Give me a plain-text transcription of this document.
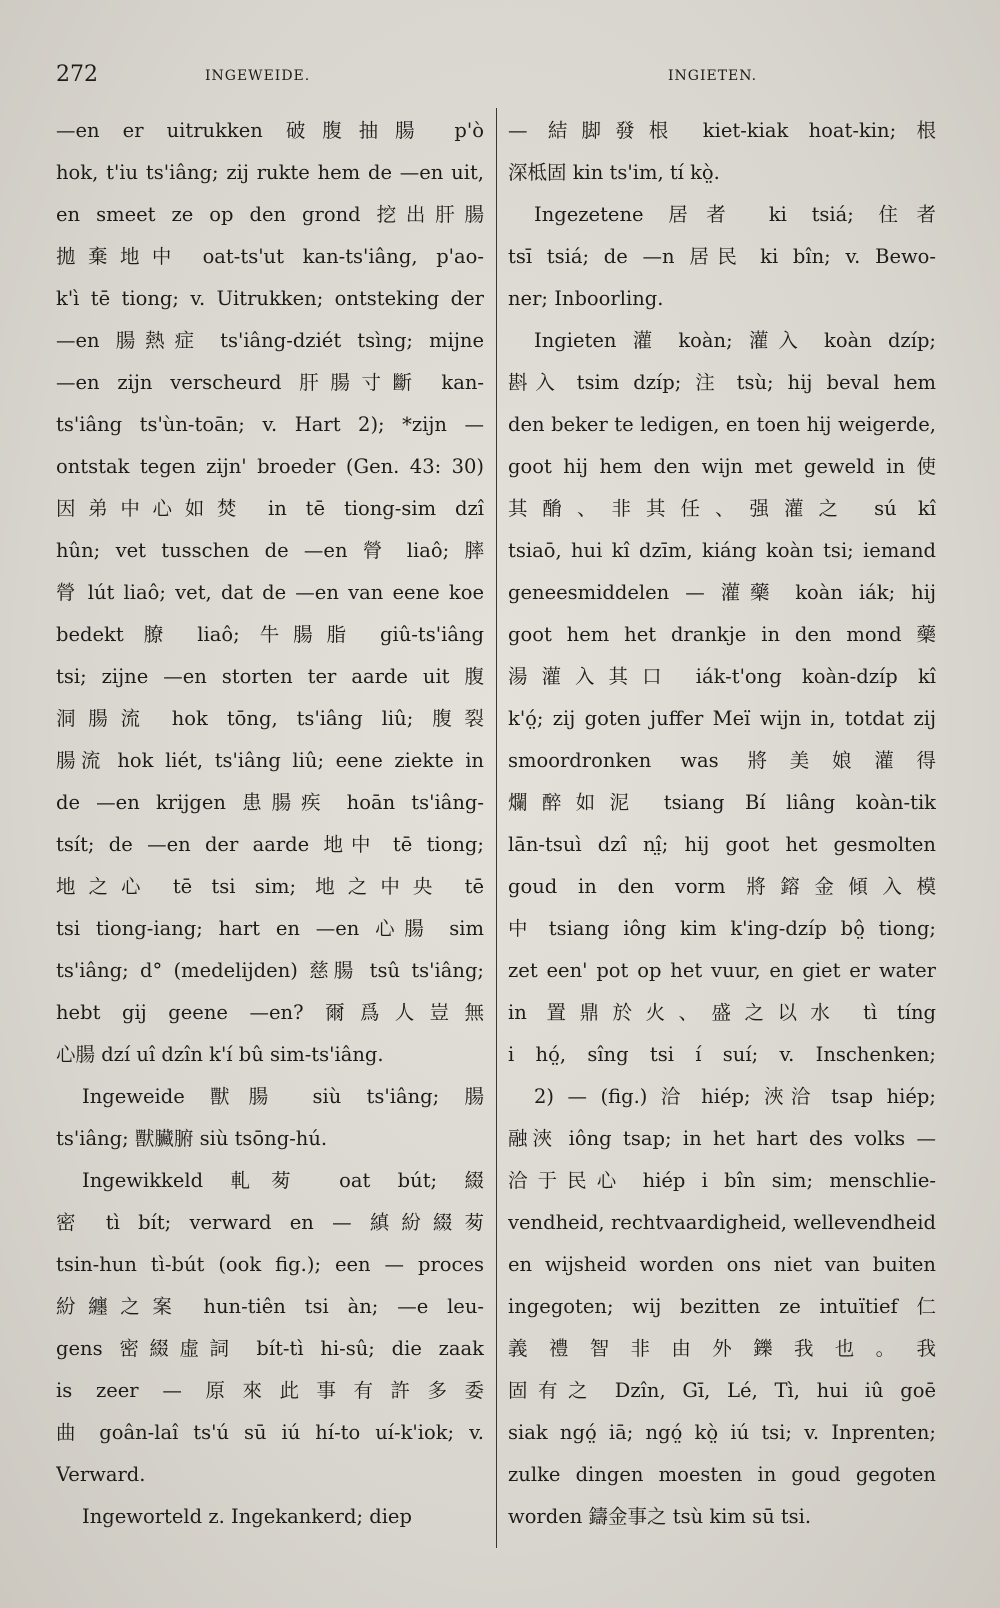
272	INGEWEIDE.	INGIETEN.
—en er uitrukken 破腹抽腸 p'ò
hok, t'iu ts'iâng; zij rukte hem de —en uit,
en smeet ze op den grond 挖出肝腸
拋棄地中 oat-ts'ut kan-ts'iâng, p'ao-
k'ì tē tiong; v. Uitrukken; ontsteking der
—en 腸熱症 ts'iâng-dziét tsìng; mijne
—en zijn verscheurd 肝腸寸斷 kan-
ts'iâng ts'ùn-toān; v. Hart 2); *zijn —
ontstak tegen zijn' broeder (Gen. 43: 30)
因弟中心如焚 in tē tiong-sim dzî
hûn; vet tusschen de —en 膋 liaô; 膟
膋 lút liaô; vet, dat de —en van eene koe
bedekt 膫 liaô; 牛腸脂 giû-ts'iâng
tsi; zijne —en storten ter aarde uit 腹
洞腸流 hok tōng, ts'iâng liû; 腹裂
腸流 hok liét, ts'iâng liû; eene ziekte in
de —en krijgen 患腸疾 hoān ts'iâng-
tsít; de —en der aarde 地中 tē tiong;
地之心 tē tsi sim; 地之中央 tē
tsi tiong-iang; hart en —en 心腸 sim
ts'iâng; d° (medelijden) 慈腸 tsû ts'iâng;
hebt gij geene —en? 爾爲人豈無
心腸 dzí uî dzîn k'í bû sim-ts'iâng.
Ingeweide 獸腸 siù ts'iâng; 腸
ts'iâng; 獸臟腑 siù tsōng-hú.
Ingewikkeld 軋茐 oat bút; 綴
密 tì bít; verward en — 縝紛綴茐
tsin-hun tì-bút (ook fig.); een — proces
紛纏之案 hun-tiên tsi àn; —e leu-
gens 密綴虛詞 bít-tì hi-sû; die zaak
is zeer — 原來此事有許多委
曲 goân-laî ts'ú sū iú hí-to uí-k'iok; v.
Verward.
Ingeworteld z. Ingekankerd; diep
— 結脚發根 kiet-kiak hoat-kin; 根
深柢固 kin ts'im, tí kò̤.
Ingezetene 居者 ki tsiá; 住者
tsī tsiá; de —n 居民 ki bîn; v. Bewo-
ner; Inboorling.
Ingieten 灌 koàn; 灌入 koàn dzíp;
斟入 tsim dzíp; 注 tsù; hij beval hem
den beker te ledigen, en toen hij weigerde,
goot hij hem den wijn met geweld in 使
其酳、非其任、强灌之 sú kî
tsiaō, hui kî dzīm, kiáng koàn tsi; iemand
geneesmiddelen — 灌藥 koàn iák; hij
goot hem het drankje in den mond 藥
湯灌入其口 iák-t'ong koàn-dzíp kî
k'ó̤; zij goten juffer Meï wijn in, totdat zij
smoordronken was 將美娘灌得
爛醉如泥 tsiang Bí liâng koàn-tik
lān-tsuì dzî nî̤; hij goot het gesmolten
goud in den vorm 將鎔金傾入模
中 tsiang iông kim k'ing-dzíp bô̤ tiong;
zet een' pot op het vuur, en giet er water
in 置鼎於火、盛之以水 tì tíng
i hó̤, sîng tsi í suí; v. Inschenken;
2) — (fig.) 洽 hiép; 浹洽 tsap hiép;
融浹 iông tsap; in het hart des volks —
洽于民心 hiép i bîn sim; menschlie-
vendheid, rechtvaardigheid, wellevendheid
en wijsheid worden ons niet van buiten
ingegoten; wij bezitten ze intuïtief 仁
義禮智非由外鑠我也。我
固有之 Dzîn, Gī, Lé, Tì, hui iû goē
siak ngó̤ iā; ngó̤ kò̤ iú tsi; v. Inprenten;
zulke dingen moesten in goud gegoten
worden 鑄金事之 tsù kim sū tsi.
